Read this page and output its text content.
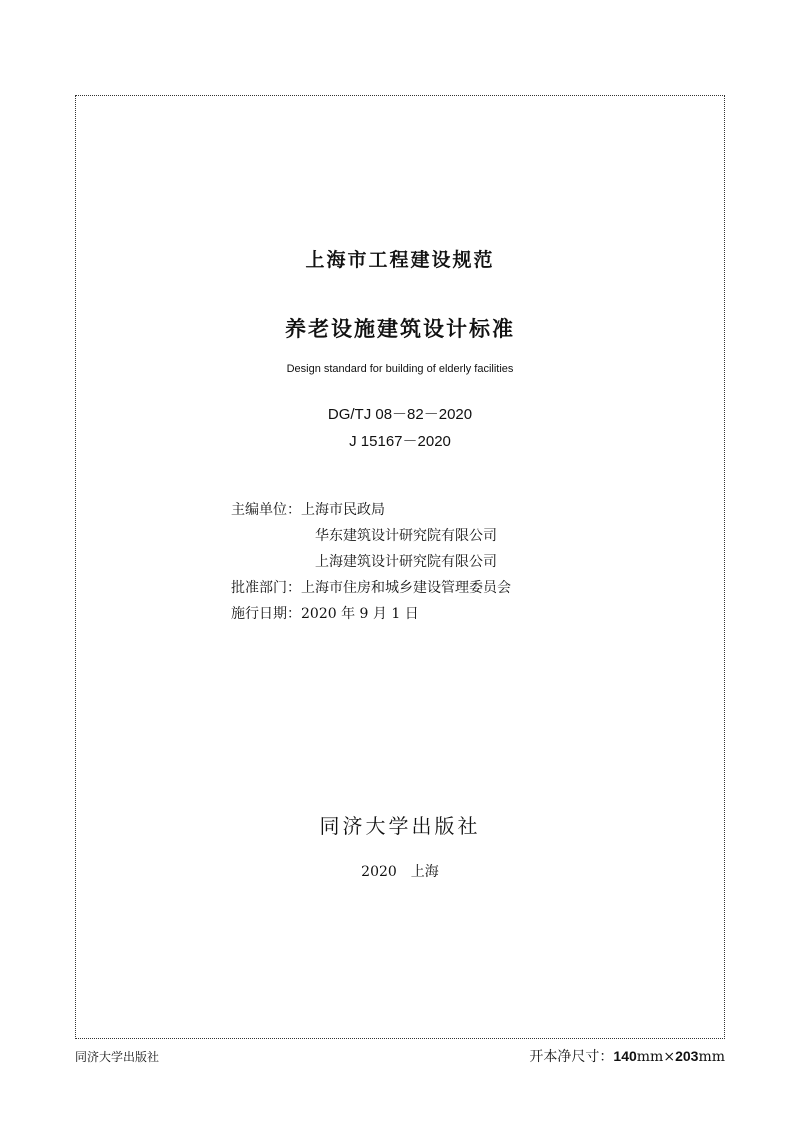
上海市工程建设规范
养老设施建筑设计标准
Design standard for building of elderly facilities
DG/TJ 08－82－2020
J 15167－2020
主编单位：上海市民政局
华东建筑设计研究院有限公司
上海建筑设计研究院有限公司
批准部门：上海市住房和城乡建设管理委员会
施行日期：2020 年 9 月 1 日
同济大学出版社
2020　上海
同济大学出版社	开本净尺寸：140mm×203mm
